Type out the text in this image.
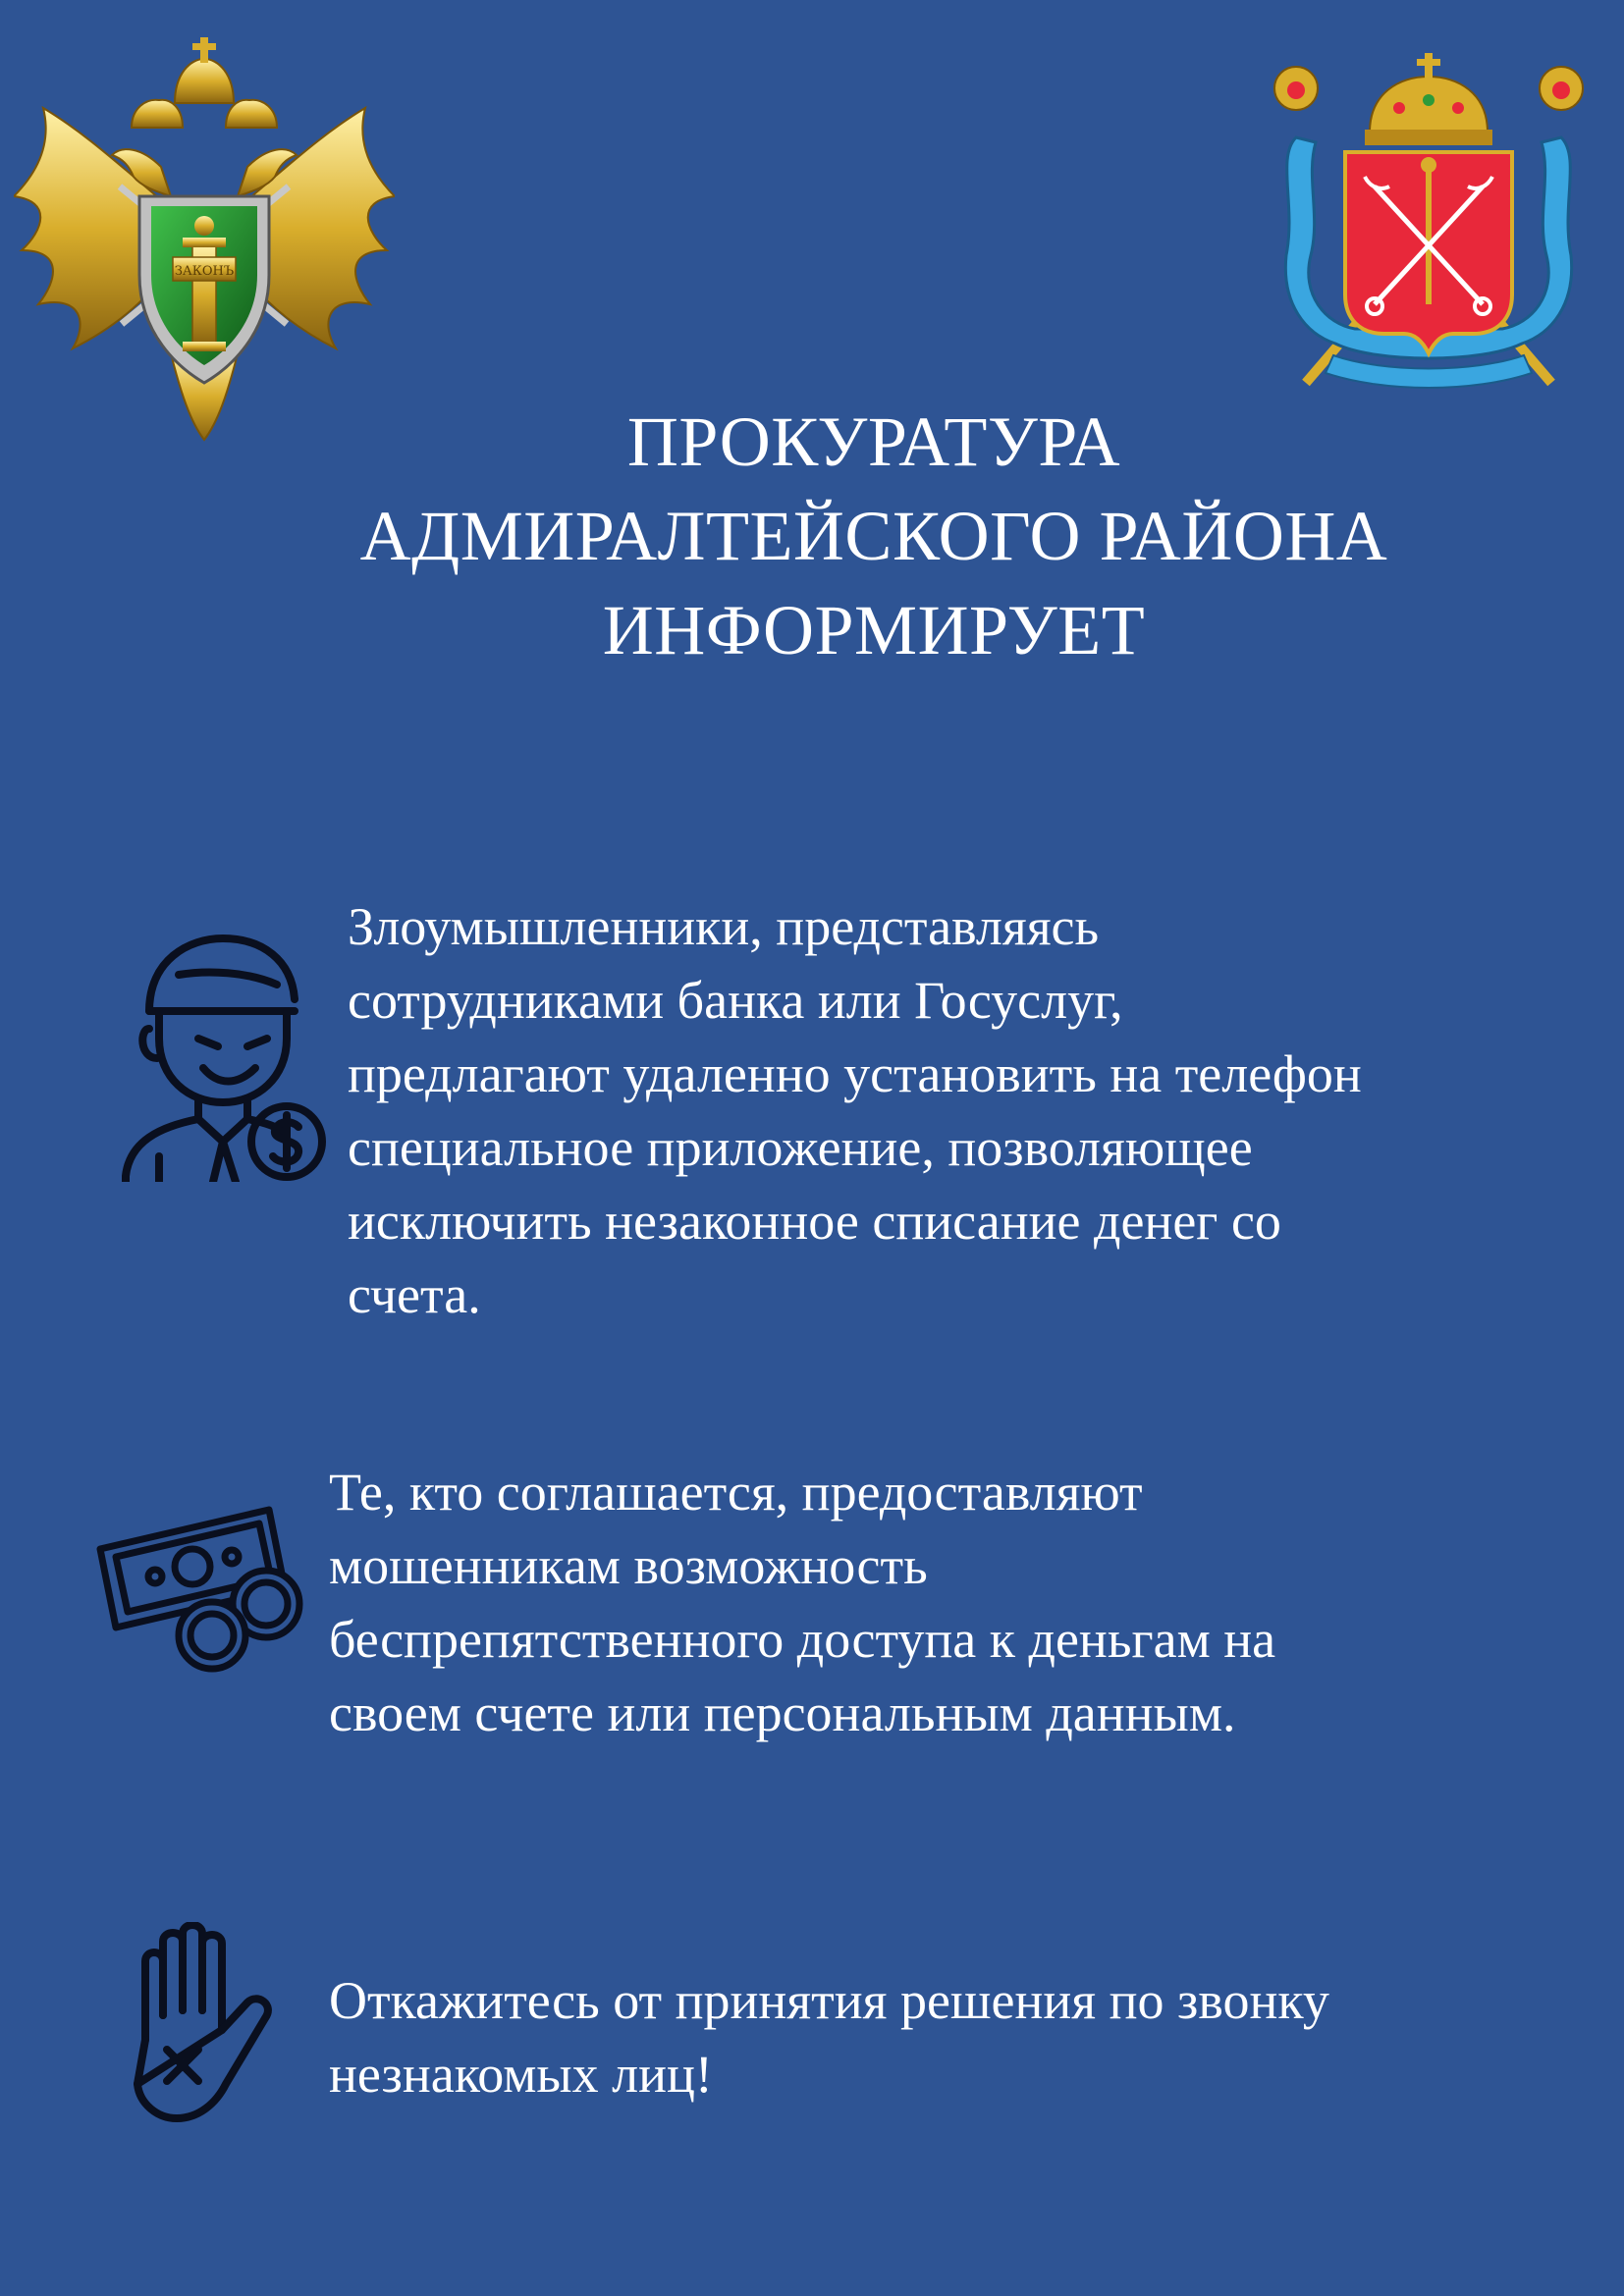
ЗАКОНЪ
ПРОКУРАТУРА
АДМИРАЛТЕЙСКОГО РАЙОНА
ИНФОРМИРУЕТ
Злоумышленники, представляясь
сотрудниками банка или Госуслуг,
предлагают удаленно установить на телефон
специальное приложение, позволяющее
исключить незаконное списание денег со
счета.
Те, кто соглашается, предоставляют
мошенникам возможность
беспрепятственного доступа к деньгам на
своем счете или персональным данным.
Откажитесь от принятия решения по звонку
незнакомых лиц!
